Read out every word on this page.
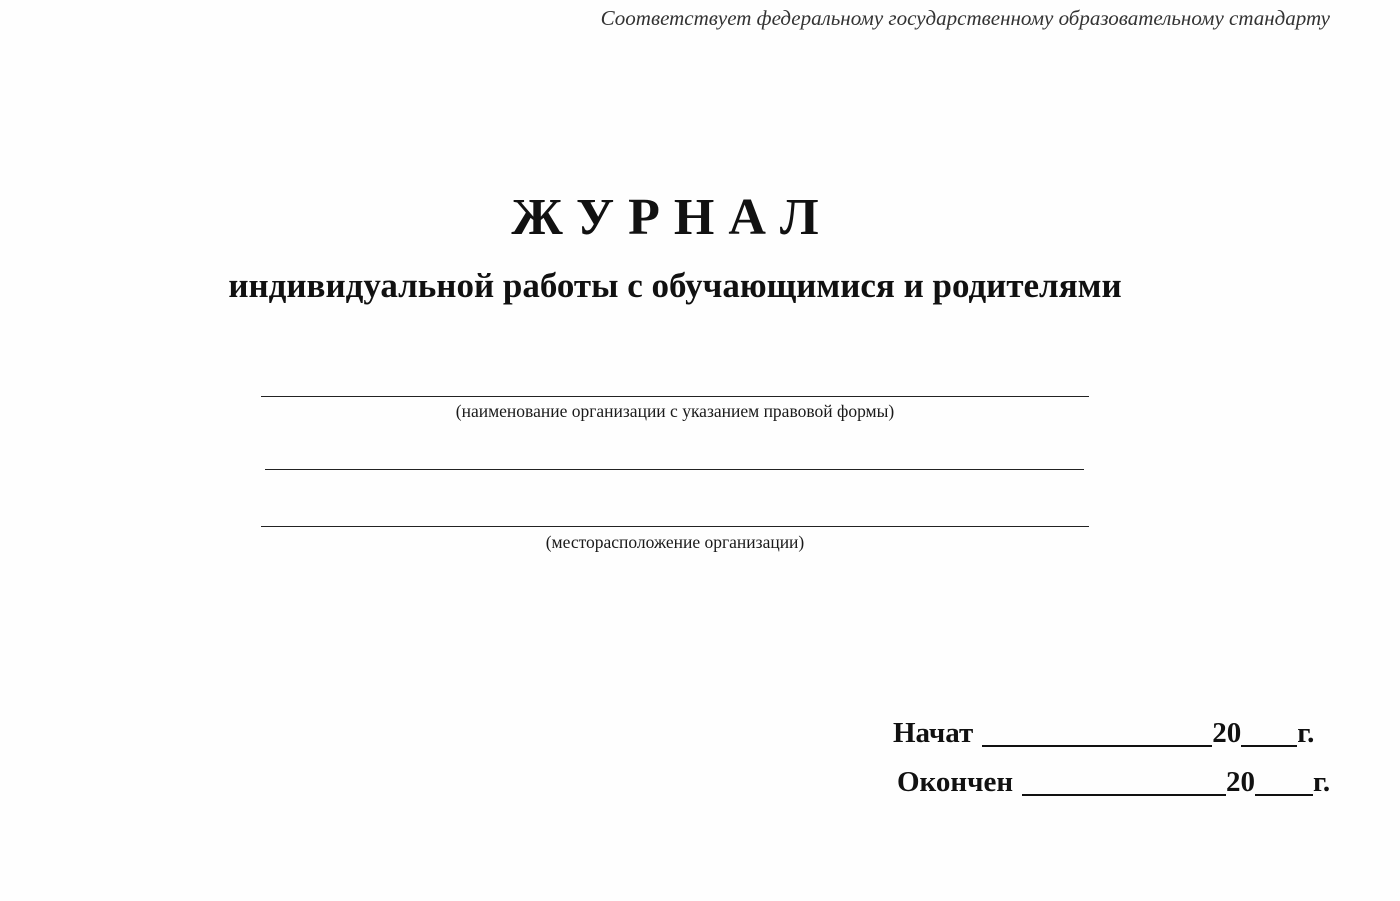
Соответствует федеральному государственному образовательному стандарту
ЖУРНАЛ
индивидуальной работы с обучающимися и родителями
(наименование организации с указанием правовой формы)
(месторасположение организации)
Начат	20 г.
Окончен	20 г.
